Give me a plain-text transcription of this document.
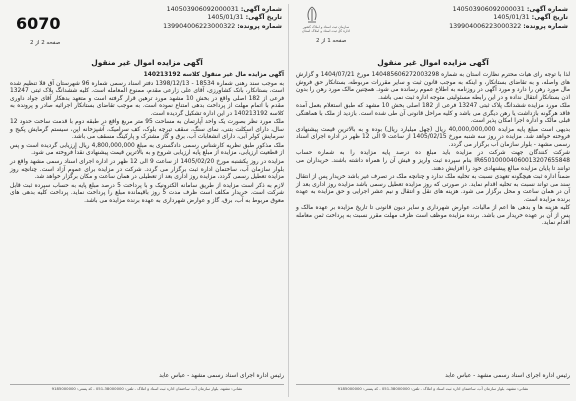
شماره آگهی: 140503906092000031
تاریخ آگهی: 1405/01/31
شماره پرونده: 139904006223000322
سازمان ثبت اسناد و املاک کشور
اداره کل ثبت اسناد و املاک استان
صفحه 1 از 2
آگهی مزایده اموال غیر منقول

لذا با توجه رای هیات محترم نظارت استان به شماره 140485606272003298 مورخ 1404/07/21 و گزارش های واصله، و به تقاضای بستانکار، و اینکه به موجب قانون ثبت و سایر مقررات مربوطه، بستانکار حق فروش مال مورد رهن را دارد و مورد آگهی در روزنامه به اطلاع عموم رسانده می شود. همچنین مالک مورد رهن را بدون اذن بستانکار انتقال نداده و در این رابطه مسئولیتی متوجه اداره ثبت نمی باشد.

ملک مورد مزایده ششدانگ پلاک ثبتی 13247 فرعی از 182 اصلی بخش 10 مشهد که طبق استعلام بعمل آمده فاقد هرگونه بازداشت یا رهن دیگری می باشد و کلیه مراحل قانونی آن طی شده است. بازدید از ملک با هماهنگی قبلی مالک و اداره اجرا امکان پذیر است.

بدیهی است مبلغ پایه مزایده 40,000,000,000 ریال (چهل میلیارد ریال) بوده و به بالاترین قیمت پیشنهادی فروخته خواهد شد. مزایده در روز سه شنبه مورخ 1405/02/15 از ساعت 9 الی 12 ظهر در اداره اجرای اسناد رسمی مشهد - بلوار سازمان آب برگزار می گردد.

شرکت کنندگان جهت شرکت در مزایده باید مبلغ ده درصد پایه مزایده را به شماره حساب IR650100004060013207655848 بنام سپرده ثبت واریز و فیش آن را همراه داشته باشند. خریداران می توانند تا پایان مزایده مبالغ پیشنهادی خود را افزایش دهند.

ضمناً اداره ثبت هیچگونه تعهدی نسبت به تخلیه ملک ندارد و چنانچه ملک در تصرف غیر باشد خریدار پس از انتقال سند می تواند نسبت به تخلیه اقدام نماید. در صورتی که روز مزایده تعطیل رسمی باشد مزایده روز اداری بعد از آن در همان ساعت و محل برگزار می شود. هزینه های نقل و انتقال و نیم عشر اجرایی و حق مزایده به عهده برنده مزایده است.

کلیه هزینه ها و بدهی ها اعم از ماليات، عوارض شهرداری و سایر دیون قانونی تا تاریخ مزایده بر عهده مالک و پس از آن بر عهده خریدار می باشد. برنده مزایده موظف است ظرف مهلت مقرر نسبت به پرداخت ثمن معامله اقدام نماید.

رئیس اداره اجرای اسناد رسمی مشهد - عباس عابد
نشانی: مشهد، بلوار سازمان آب، ساختمان اداره ثبت اسناد و املاک - تلفن: 38000000-051 - کد پستی: 9185000000
شماره آگهی: 140503906092000031
تاریخ آگهی: 1405/01/31
شماره پرونده: 139904006223000322
6070
صفحه 2 از 2
آگهی مزایده اموال غیر منقول

آگهی مزایده مال غیر منقول کلاسه 140213192

به موجب سند رهنی شماره 18534 - 1398/12/13 دفتر اسناد رسمی شماره 96 شهرستان آق قلا تنظیم شده است، بستانکار، بانک کشاورزی، آقای علی زارعی مقدم، ممنوع المعامله است. کلیه ششدانگ پلاک ثبتی 13247 فرعی از 182 اصلی واقع در بخش 10 مشهد مورد ترهین قرار گرفته است و متعهد بدهکار آقای جواد داوری مقدم با اتمام مهلت از پرداخت بدهی امتناع نموده است. به موجب تقاضای بستانکار اجرائیه صادر و پرونده به کلاسه 140213192 در این اداره تشکیل گردیده است.

ملک مورد نظر بصورت یک واحد آپارتمان به مساحت 95 متر مربع واقع در طبقه دوم با قدمت ساخت حدود 12 سال، دارای اسکلت بتنی، نمای سنگ، سقف تیرچه بلوک، کف سرامیک، آشپزخانه اپن، سیستم گرمایش پکیج و سرمایش کولر آبی، دارای انشعابات آب، برق و گاز مشترک و پارکینگ مسقف می باشد.

ملک مذکور طبق نظریه کارشناس رسمی دادگستری به مبلغ 4,800,000,000 ریال ارزیابی گردیده است و پس از قطعیت ارزیابی، مزایده از مبلغ پایه ارزیابی شروع و به بالاترین قیمت پیشنهادی نقداً فروخته می شود.

مزایده در روز یکشنبه مورخ 1405/02/20 از ساعت 9 الی 12 ظهر در اداره اجرای اسناد رسمی مشهد واقع در بلوار سازمان آب، ساختمان اداره ثبت برگزار می گردد. شرکت در مزایده برای عموم آزاد است. چنانچه روز مزایده تعطیل رسمی گردد، مزایده روز اداری بعد از تعطیلی در همان ساعت و مکان برگزار خواهد شد.

لازم به ذکر است مزایده از طریق سامانه الکترونیک و با پرداخت 5 درصد مبلغ پایه به حساب سپرده ثبت قابل شرکت است. خریدار مکلف است ظرف مدت 5 روز باقیمانده مبلغ را پرداخت نماید. پرداخت کلیه بدهی های معوق مربوط به آب، برق، گاز و عوارض شهرداری به عهده برنده مزایده می باشد.

رئیس اداره اجرای اسناد رسمی مشهد - عباس عابد
نشانی: مشهد، بلوار سازمان آب، ساختمان اداره ثبت اسناد و املاک - تلفن: 38000000-051 - کد پستی: 9185000000
